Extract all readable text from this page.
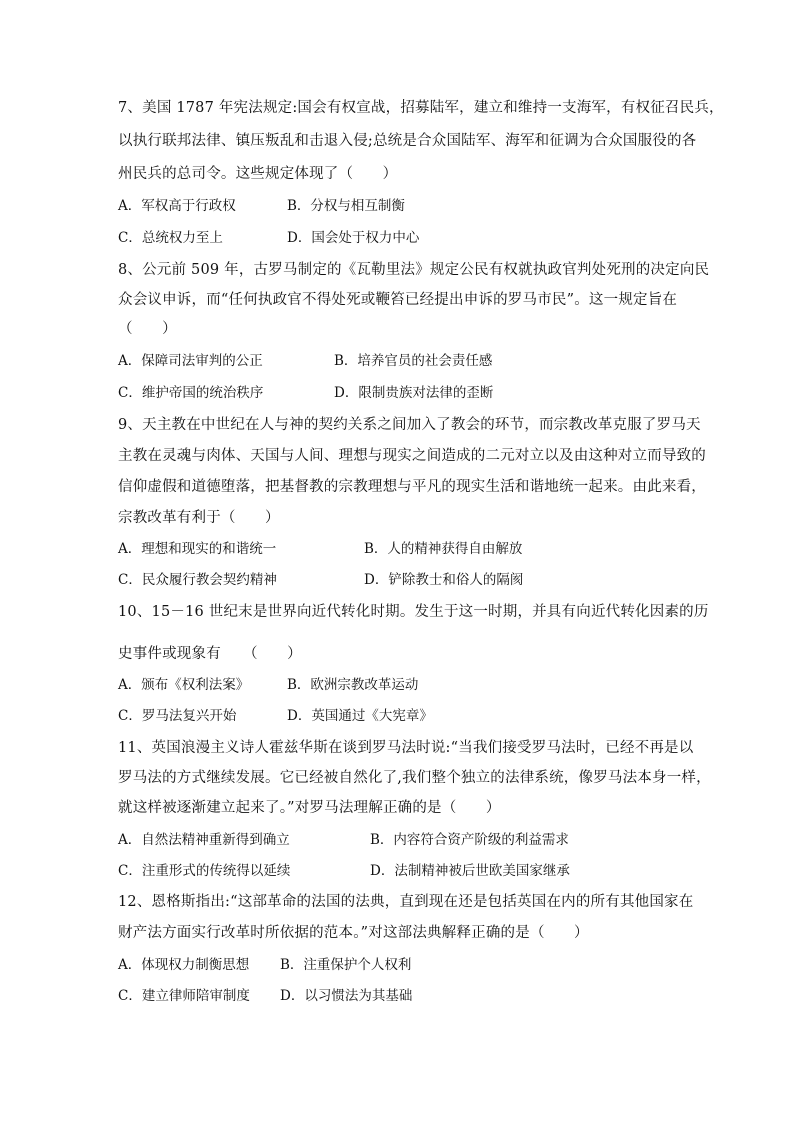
7、美国 1787 年宪法规定:国会有权宣战，招募陆军，建立和维持一支海军，有权征召民兵，
以执行联邦法律、镇压叛乱和击退入侵;总统是合众国陆军、海军和征调为合众国服役的各
州民兵的总司令。这些规定体现了（　　）
A．军权高于行政权	B．分权与相互制衡
C．总统权力至上	D．国会处于权力中心
8、公元前 509 年，古罗马制定的《瓦勒里法》规定公民有权就执政官判处死刑的决定向民
众会议申诉，而“任何执政官不得处死或鞭笞已经提出申诉的罗马市民”。这一规定旨在
（　　）
A．保障司法审判的公正	B．培养官员的社会责任感
C．维护帝国的统治秩序	D．限制贵族对法律的歪断
9、天主教在中世纪在人与神的契约关系之间加入了教会的环节，而宗教改革克服了罗马天
主教在灵魂与肉体、天国与人间、理想与现实之间造成的二元对立以及由这种对立而导致的
信仰虚假和道德堕落，把基督教的宗教理想与平凡的现实生活和谐地统一起来。由此来看，
宗教改革有利于（　　）
A．理想和现实的和谐统一	B．人的精神获得自由解放
C．民众履行教会契约精神	D．铲除教士和俗人的隔阂
10、15－16 世纪末是世界向近代转化时期。发生于这一时期，并具有向近代转化因素的历
史事件或现象有　　（　　）
A．颁布《权利法案》	B．欧洲宗教改革运动
C．罗马法复兴开始	D．英国通过《大宪章》
11、英国浪漫主义诗人霍兹华斯在谈到罗马法时说:“当我们接受罗马法时，已经不再是以
罗马法的方式继续发展。它已经被自然化了,我们整个独立的法律系统，像罗马法本身一样，
就这样被逐渐建立起来了。”对罗马法理解正确的是（　　）
A．自然法精神重新得到确立	B．内容符合资产阶级的利益需求
C．注重形式的传统得以延续	D．法制精神被后世欧美国家继承
12、恩格斯指出:“这部革命的法国的法典，直到现在还是包括英国在内的所有其他国家在
财产法方面实行改革时所依据的范本。”对这部法典解释正确的是（　　）
A．体现权力制衡思想 B．注重保护个人权利
C．建立律师陪审制度 D．以习惯法为其基础
